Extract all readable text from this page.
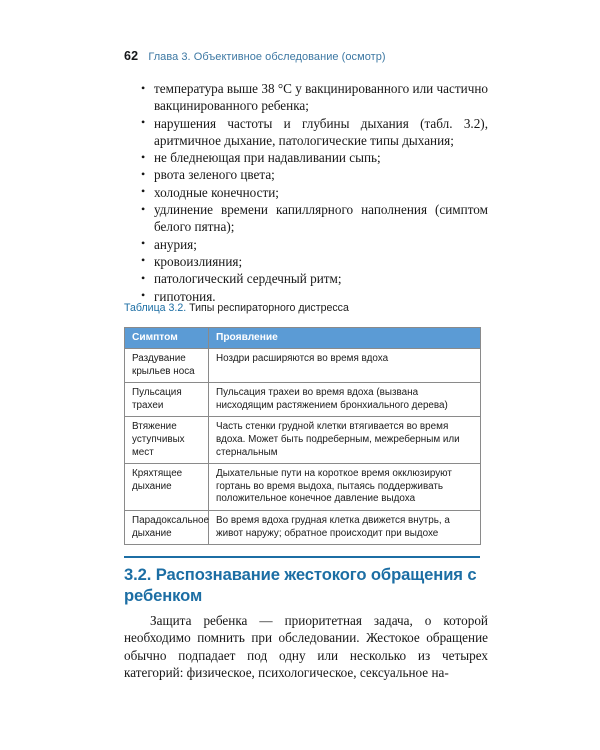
62 Глава 3. Объективное обследование (осмотр)
• температура выше 38 °C у вакцинированного или частично вакцинированного ребенка;
• нарушения частоты и глубины дыхания (табл. 3.2), аритмичное дыхание, патологические типы дыхания;
• не бледнеющая при надавливании сыпь;
• рвота зеленого цвета;
• холодные конечности;
• удлинение времени капиллярного наполнения (симптом белого пятна);
• анурия;
• кровоизлияния;
• патологический сердечный ритм;
• гипотония.
Таблица 3.2. Типы респираторного дистресса
Симптом	Проявление
Раздувание крыльев носа	Ноздри расширяются во время вдоха
Пульсация трахеи	Пульсация трахеи во время вдоха (вызвана нисходящим растяжением бронхиального дерева)
Втяжение уступчивых мест	Часть стенки грудной клетки втягивается во время вдоха. Может быть подреберным, межреберным или стернальным
Кряхтящее дыхание	Дыхательные пути на короткое время окклюзируют гортань во время выдоха, пытаясь поддерживать положительное конечное давление выдоха
Парадоксальное дыхание	Во время вдоха грудная клетка движется внутрь, а живот наружу; обратное происходит при выдохе
3.2. Распознавание жестокого обращения с ребенком

Защита ребенка — приоритетная задача, о которой необходимо помнить при обследовании. Жестокое обращение обычно подпадает под одну или несколько из четырех категорий: физическое, психологическое, сексуальное на-
